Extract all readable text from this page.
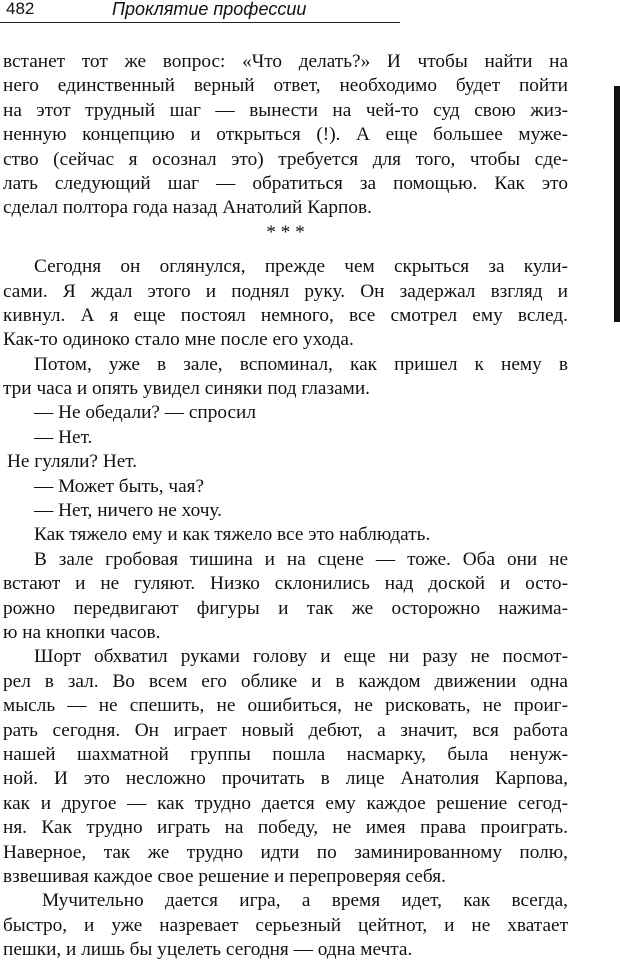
482	Проклятие профессии
встанет тот же вопрос: «Что делать?» И чтобы найти на
него единственный верный ответ, необходимо будет пойти
на этот трудный шаг — вынести на чей-то суд свою жиз-
ненную концепцию и открыться (!). А еще большее муже-
ство (сейчас я осознал это) требуется для того, чтобы сде-
лать следующий шаг — обратиться за помощью. Как это
сделал полтора года назад Анатолий Карпов.
* * *
Сегодня он оглянулся, прежде чем скрыться за кули-
сами. Я ждал этого и поднял руку. Он задержал взгляд и
кивнул. А я еще постоял немного, все смотрел ему вслед.
Как-то одиноко стало мне после его ухода.
Потом, уже в зале, вспоминал, как пришел к нему в
три часа и опять увидел синяки под глазами.
— Не обедали? — спросил
— Нет.
Не гуляли? Нет.
— Может быть, чая?
— Нет, ничего не хочу.
Как тяжело ему и как тяжело все это наблюдать.
В зале гробовая тишина и на сцене — тоже. Оба они не
встают и не гуляют. Низко склонились над доской и осто-
рожно передвигают фигуры и так же осторожно нажима-
ю на кнопки часов.
Шорт обхватил руками голову и еще ни разу не посмот-
рел в зал. Во всем его облике и в каждом движении одна
мысль — не спешить, не ошибиться, не рисковать, не проиг-
рать сегодня. Он играет новый дебют, а значит, вся работа
нашей шахматной группы пошла насмарку, была ненуж-
ной. И это несложно прочитать в лице Анатолия Карпова,
как и другое — как трудно дается ему каждое решение сегод-
ня. Как трудно играть на победу, не имея права проиграть.
Наверное, так же трудно идти по заминированному полю,
взвешивая каждое свое решение и перепроверяя себя.
Мучительно дается игра, а время идет, как всегда,
быстро, и уже назревает серьезный цейтнот, и не хватает
пешки, и лишь бы уцелеть сегодня — одна мечта.
